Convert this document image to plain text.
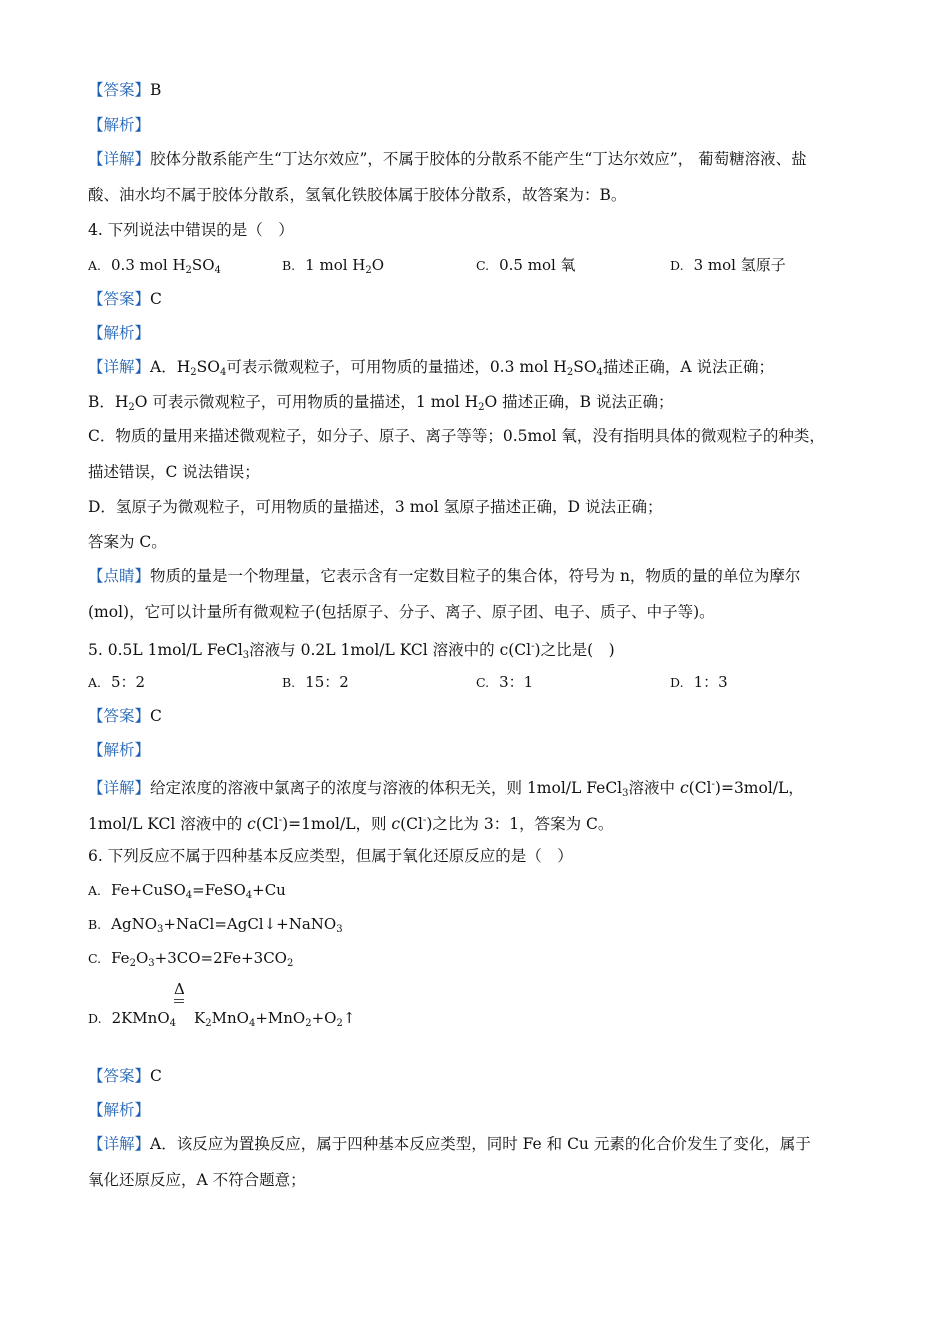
【答案】B
【解析】
【详解】胶体分散系能产生“丁达尔效应”，不属于胶体的分散系不能产生“丁达尔效应”， 葡萄糖溶液、盐
酸、油水均不属于胶体分散系，氢氧化铁胶体属于胶体分散系，故答案为：B。
4. 下列说法中错误的是（　）
A. 0.3 mol $H_2SO_4$	B. 1 mol $H_2O$	C. 0.5 mol 氧	D. 3 mol 氢原子
【答案】C
【解析】
【详解】A．$H_2SO_4$可表示微观粒子，可用物质的量描述，0.3 mol $H_2SO_4$描述正确，A 说法正确；
B．$H_2O$ 可表示微观粒子，可用物质的量描述，1 mol $H_2O$ 描述正确，B 说法正确；
C．物质的量用来描述微观粒子，如分子、原子、离子等等；0.5mol 氧，没有指明具体的微观粒子的种类，
描述错误，C 说法错误；
D．氢原子为微观粒子，可用物质的量描述，3 mol 氢原子描述正确，D 说法正确；
答案为 C。
【点睛】物质的量是一个物理量，它表示含有一定数目粒子的集合体，符号为 n，物质的量的单位为摩尔
(mol)，它可以计量所有微观粒子(包括原子、分子、离子、原子团、电子、质子、中子等)。
5. 0.5L 1mol/L FeCl$_3$溶液与 0.2L 1mol/L KCl 溶液中的 c(Cl-)之比是(　)
A. 5：2	B. 15：2	C. 3：1	D. 1：3
【答案】C
【解析】
【详解】给定浓度的溶液中氯离子的浓度与溶液的体积无关，则 1mol/L FeCl$_3$溶液中 c(Cl-)=3mol/L，
1mol/L KCl 溶液中的 c(Cl-)=1mol/L，则 c(Cl-)之比为 3：1，答案为 C。
6. 下列反应不属于四种基本反应类型，但属于氧化还原反应的是（　）
A. Fe+CuSO$_4$=FeSO$_4$+Cu
B. AgNO$_3$+NaCl=AgCl↓+NaNO$_3$
C. $Fe_2O_3+3CO=2Fe+3CO_2$
Δ
D. 2KMnO$_4$ $K_2MnO_4+MnO_2+O_2↑$
【答案】C
【解析】
【详解】A．该反应为置换反应，属于四种基本反应类型，同时 Fe 和 Cu 元素的化合价发生了变化，属于
氧化还原反应，A 不符合题意；
